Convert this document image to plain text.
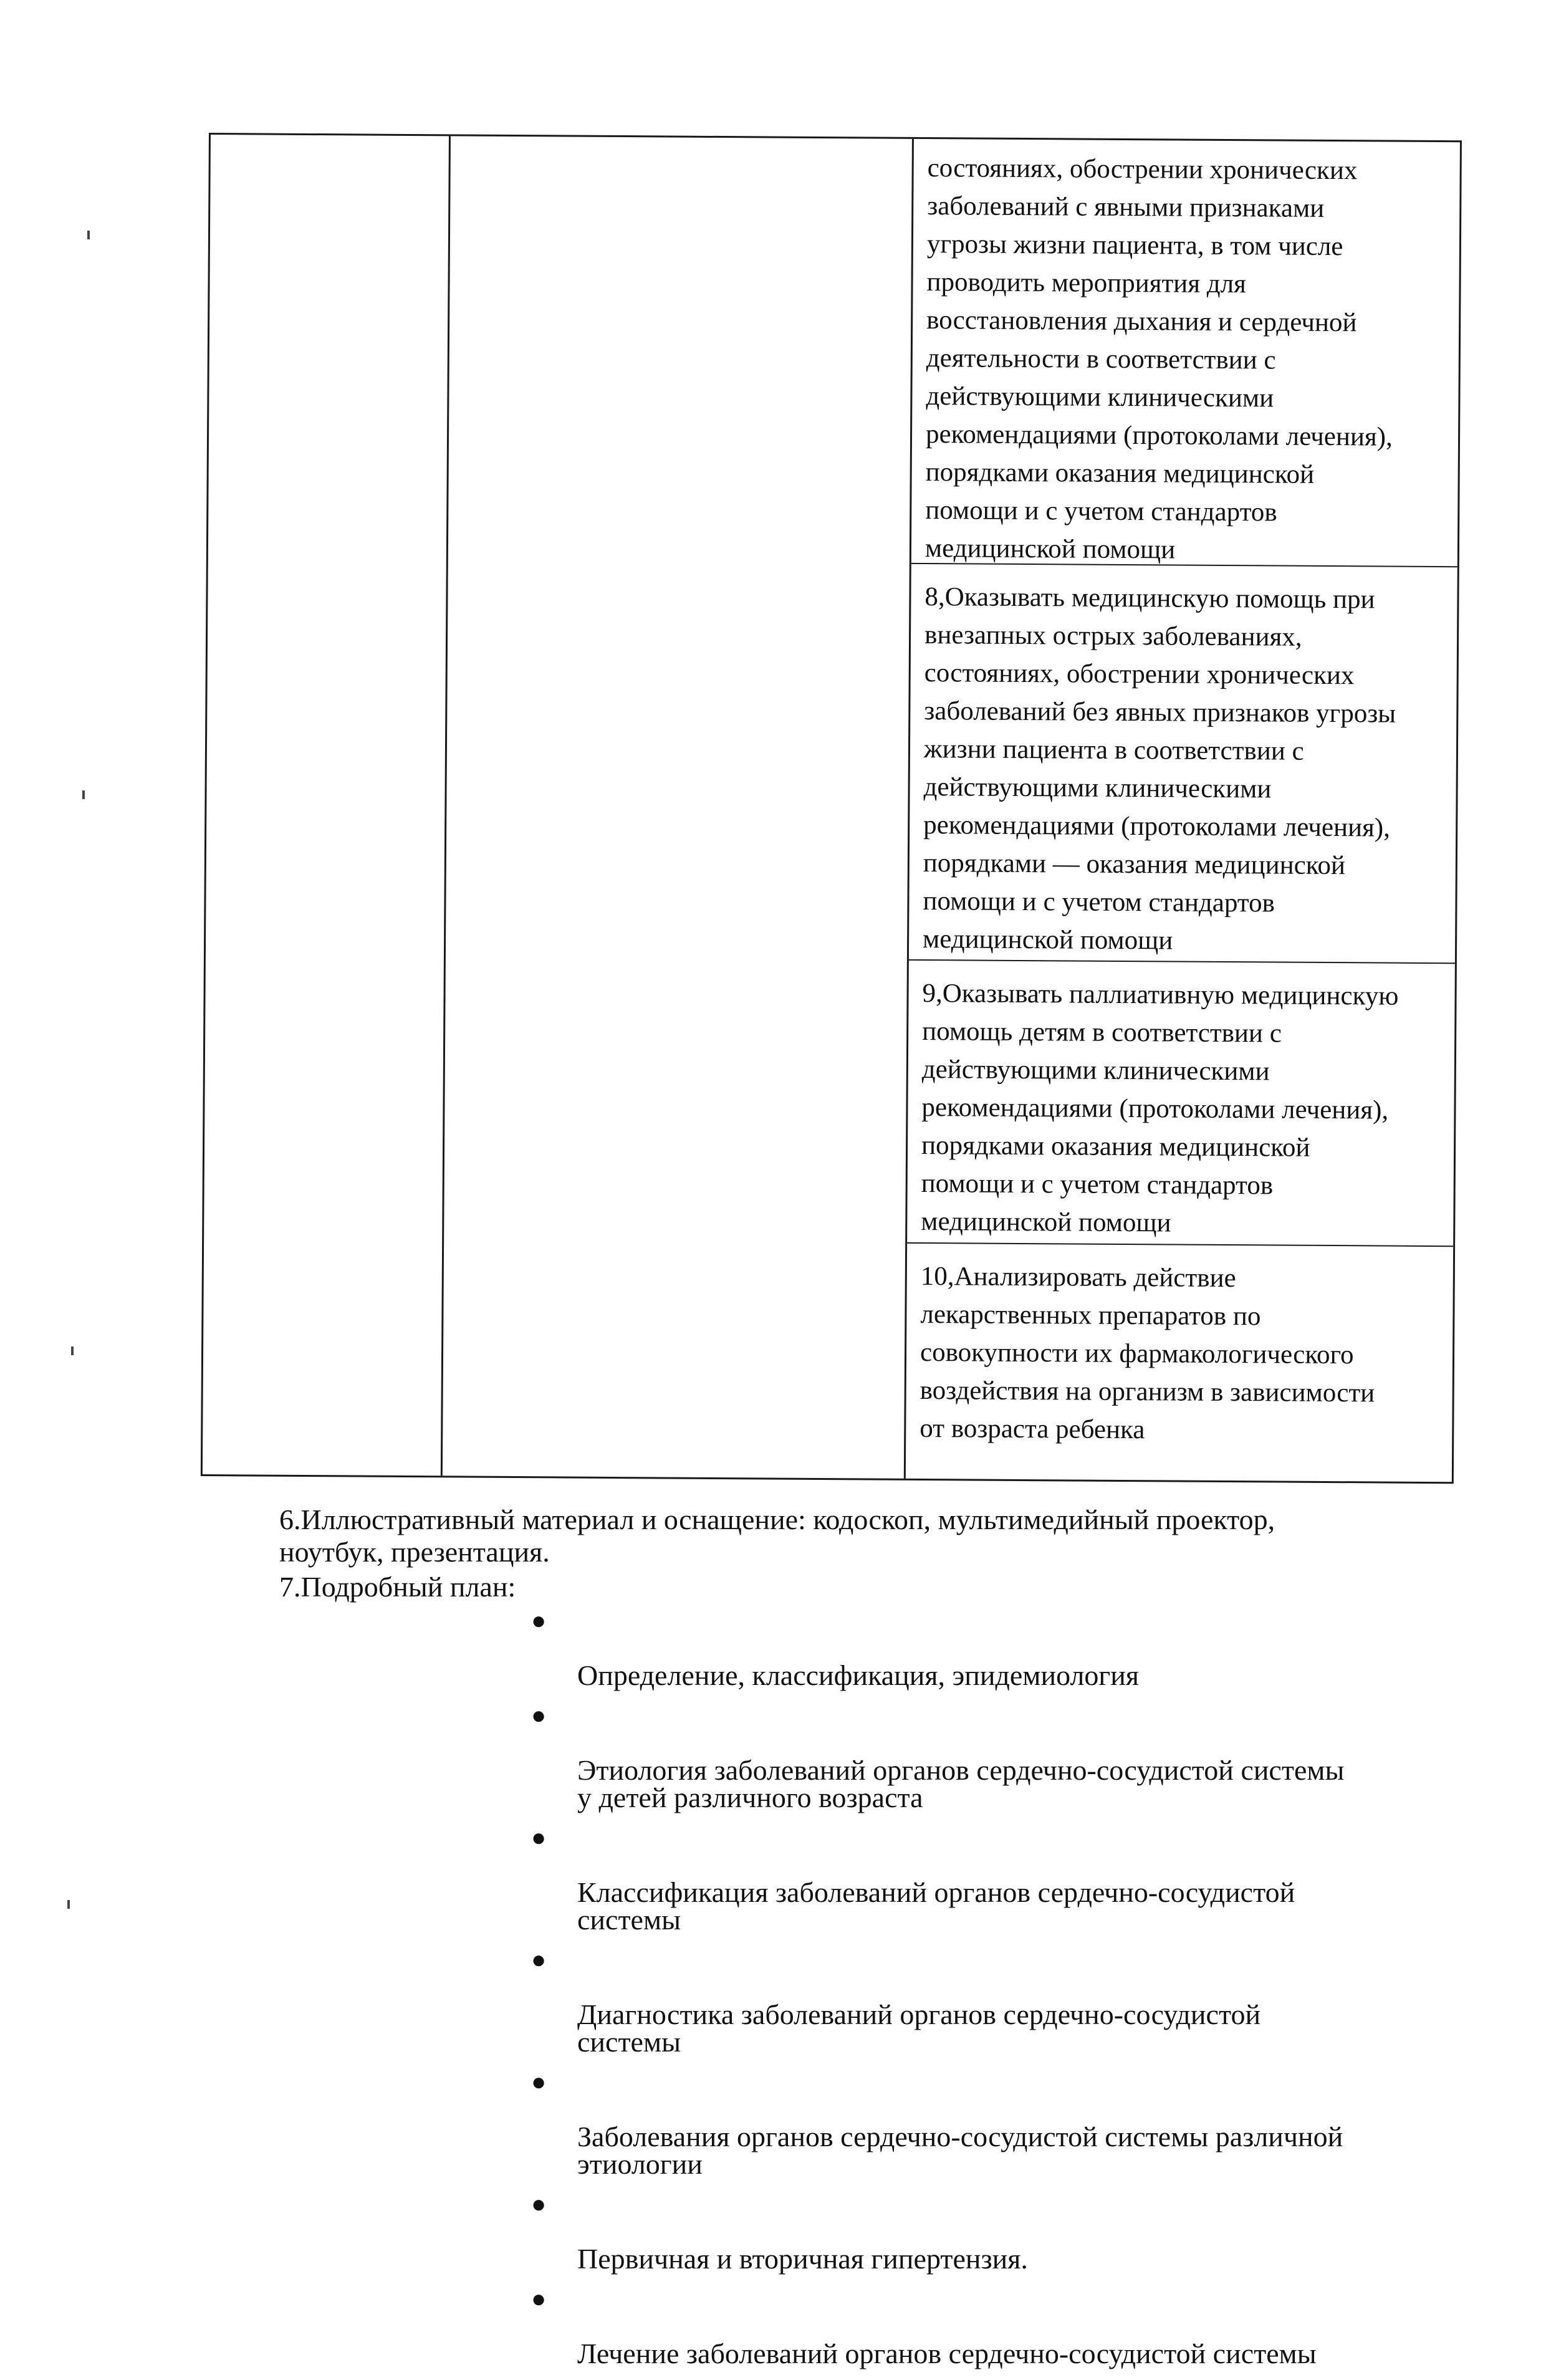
состояниях, обострении хронических
заболеваний с явными признаками
угрозы жизни пациента, в том числе
проводить мероприятия для
восстановления дыхания и сердечной
деятельности в соответствии с
действующими клиническими
рекомендациями (протоколами лечения),
порядками оказания медицинской
помощи и с учетом стандартов
медицинской помощи
8,Оказывать медицинскую помощь при
внезапных острых заболеваниях,
состояниях, обострении хронических
заболеваний без явных признаков угрозы
жизни пациента в соответствии с
действующими клиническими
рекомендациями (протоколами лечения),
порядками — оказания медицинской
помощи и с учетом стандартов
медицинской помощи
9,Оказывать паллиативную медицинскую
помощь детям в соответствии с
действующими клиническими
рекомендациями (протоколами лечения),
порядками оказания медицинской
помощи и с учетом стандартов
медицинской помощи
10,Анализировать действие
лекарственных препаратов по
совокупности их фармакологического
воздействия на организм в зависимости
от возраста ребенка
6.Иллюстративный материал и оснащение: кодоскоп, мультимедийный проектор,
ноутбук, презентация.
7.Подробный план:

●

Определение, классификация, эпидемиология

●

Этиология заболеваний органов сердечно-сосудистой системы
у детей различного возраста

●

Классификация заболеваний органов сердечно-сосудистой
системы

●

Диагностика заболеваний органов сердечно-сосудистой
системы

●

Заболевания органов сердечно-сосудистой системы различной
этиологии

●

Первичная и вторичная гипертензия.

●

Лечение заболеваний органов сердечно-сосудистой системы
